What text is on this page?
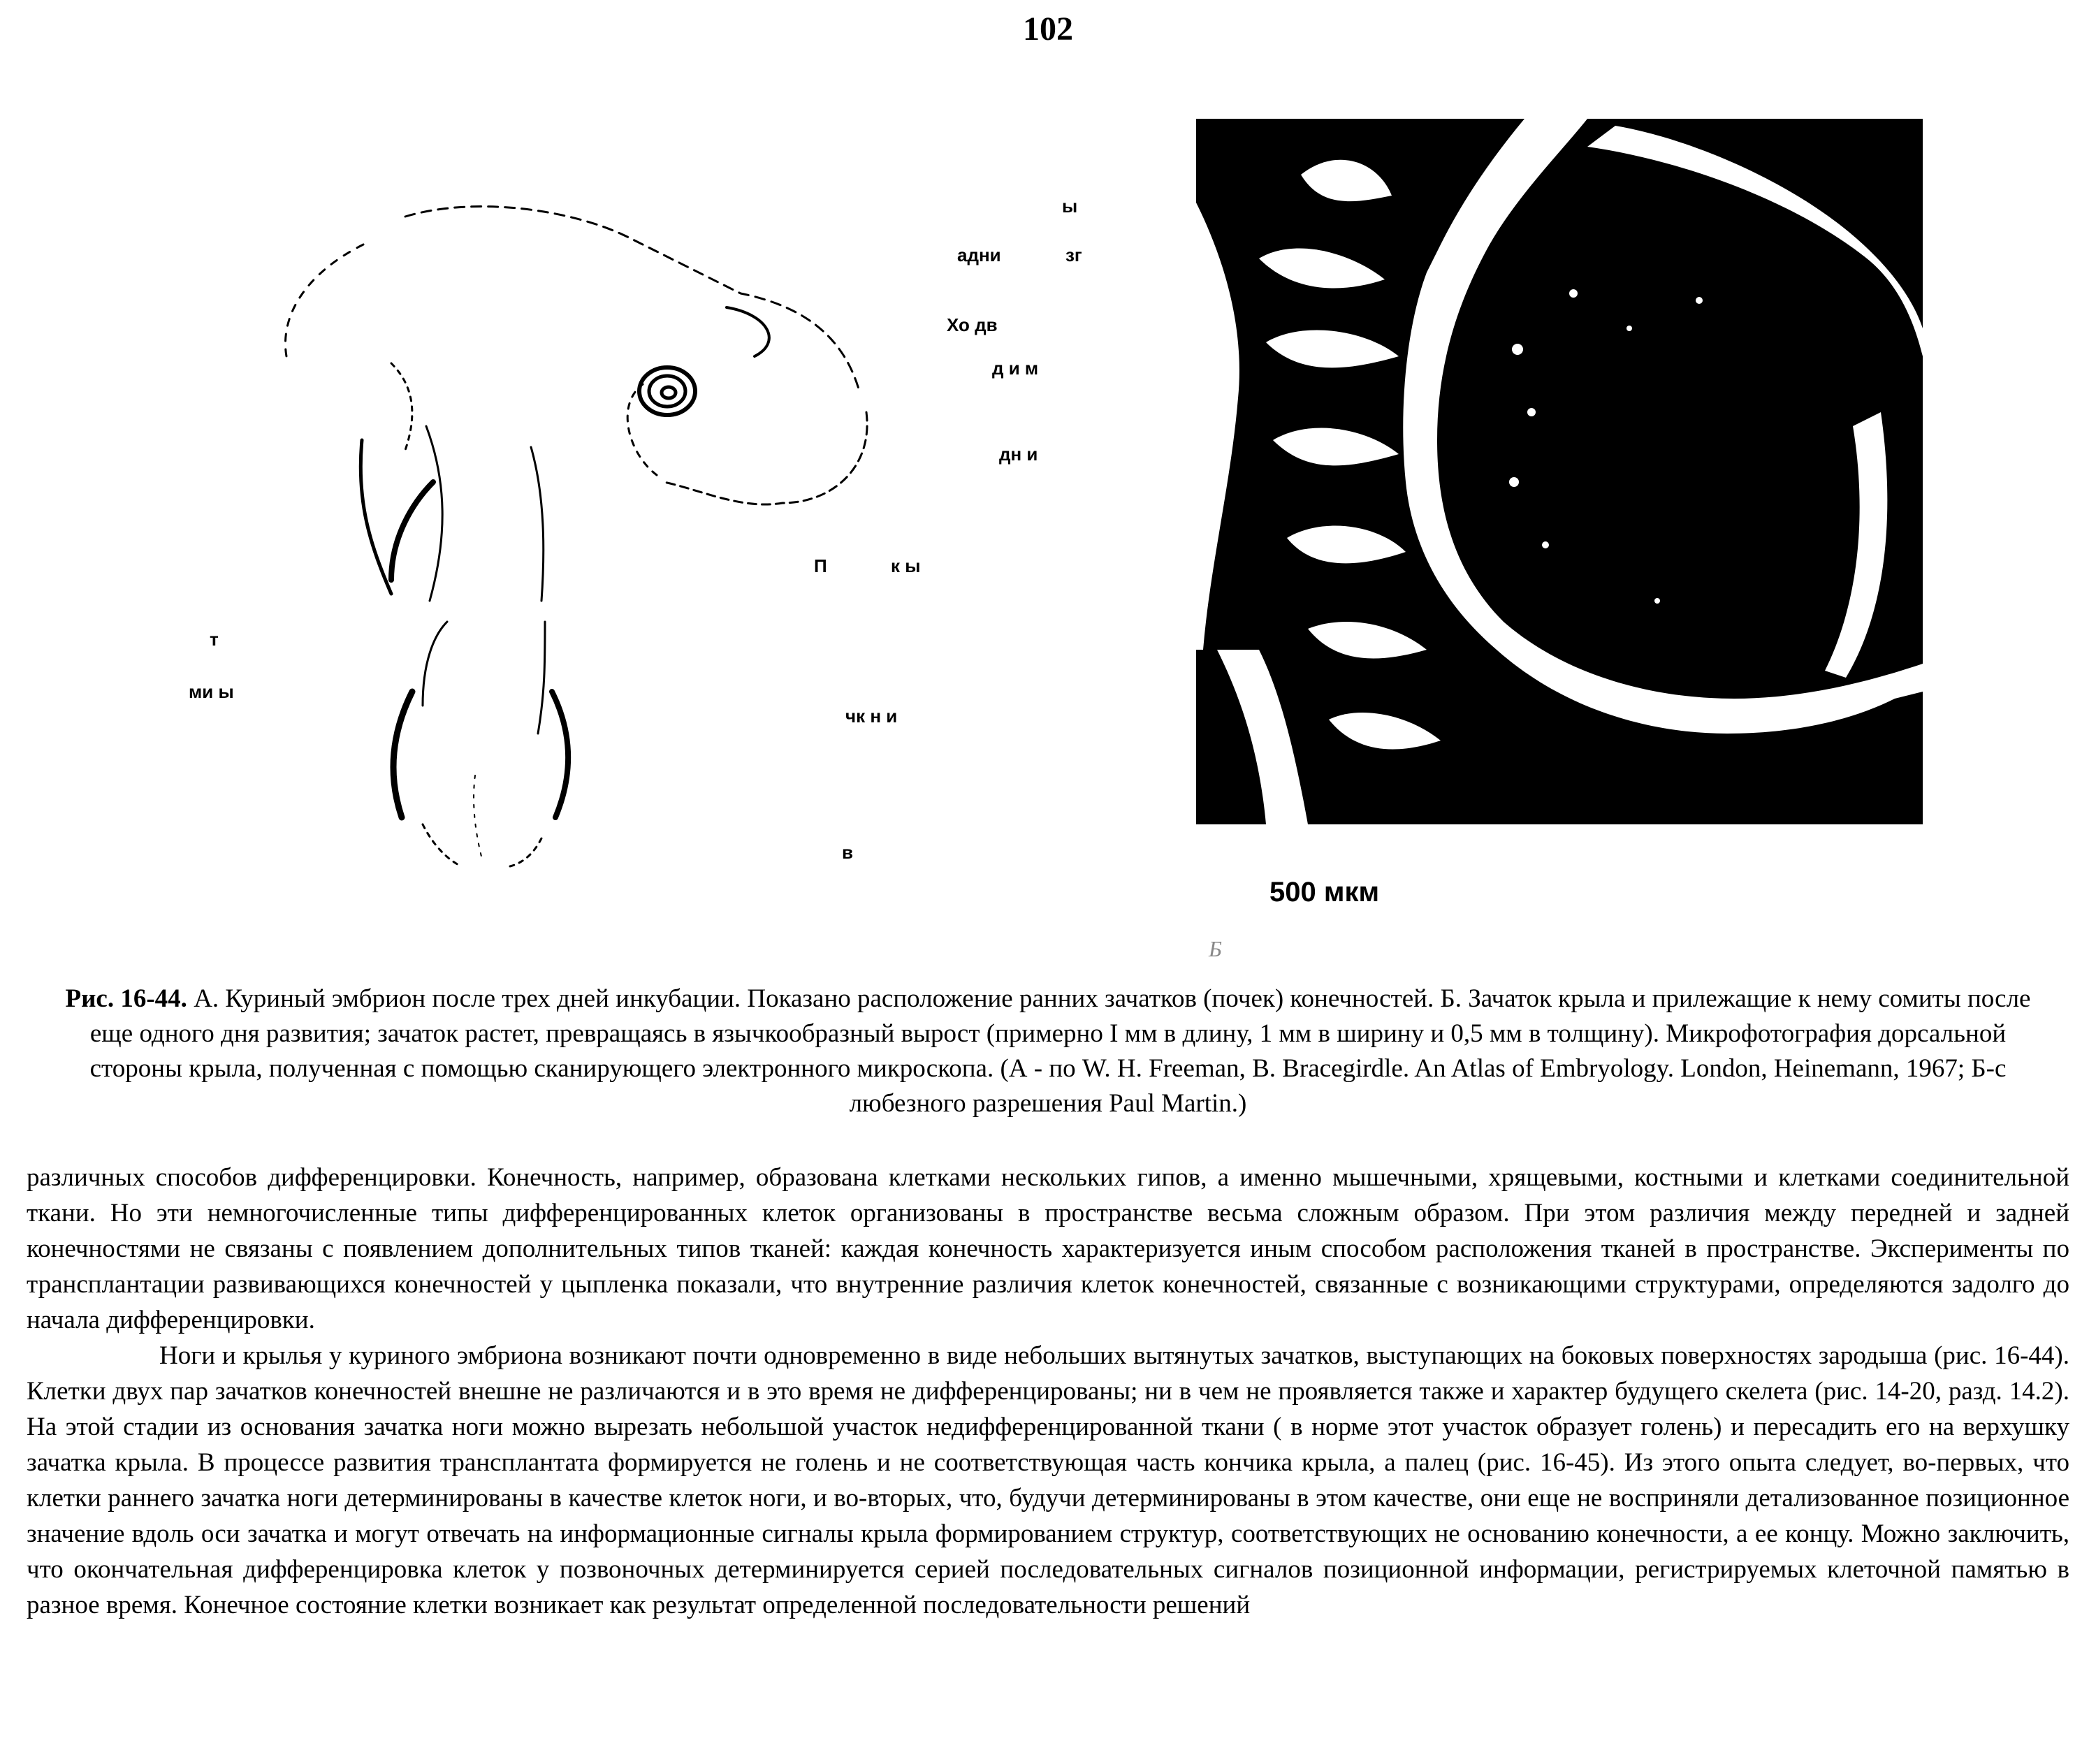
102
ы
адни	зг
Хо дв
д и м
дн и
П	к ы
т
ми ы
чк н и
в
500 мкм
Б
Рис. 16-44. А. Куриный эмбрион после трех дней инкубации. Показано расположение ранних зачатков (почек) конечностей. Б. Зачаток крыла и прилежащие к нему сомиты после еще одного дня развития; зачаток растет, превращаясь в язычкообразный вырост (примерно I мм в длину, 1 мм в ширину и 0,5 мм в толщину). Микрофотография дорсальной стороны крыла, полученная с помощью сканирующего электронного микроскопа. (А - по W. H. Freeman, B. Bracegirdle. An Atlas of Embryology. London, Heinemann, 1967; Б-с любезного разрешения Paul Martin.)

различных способов дифференцировки. Конечность, например, образована клетками нескольких гипов, а именно мышечными, хрящевыми, костными и клетками соединительной ткани. Но эти немногочисленные типы дифференцированных клеток организованы в пространстве весьма сложным образом. При этом различия между передней и задней конечностями не связаны с появлением дополнительных типов тканей: каждая конечность характеризуется иным способом расположения тканей в пространстве. Эксперименты по трансплантации развивающихся конечностей у цыпленка показали, что внутренние различия клеток конечностей, связанные с возникающими структурами, определяются задолго до начала дифференцировки.

Ноги и крылья у куриного эмбриона возникают почти одновременно в виде небольших вытянутых зачатков, выступающих на боковых поверхностях зародыша (рис. 16-44). Клетки двух пар зачатков конечностей внешне не различаются и в это время не дифференцированы; ни в чем не проявляется также и характер будущего скелета (рис. 14-20, разд. 14.2). На этой стадии из основания зачатка ноги можно вырезать небольшой участок недифференцированной ткани ( в норме этот участок образует голень) и пересадить его на верхушку зачатка крыла. В процессе развития трансплантата формируется не голень и не соответствующая часть кончика крыла, а палец (рис. 16-45). Из этого опыта следует, во-первых, что клетки раннего зачатка ноги детерминированы в качестве клеток ноги, и во-вторых, что, будучи детерминированы в этом качестве, они еще не восприняли детализованное позиционное значение вдоль оси зачатка и могут отвечать на информационные сигналы крыла формированием структур, соответствующих не основанию конечности, а ее концу. Можно заключить, что окончательная дифференцировка клеток у позвоночных детерминируется серией последовательных сигналов позиционной информации, регистрируемых клеточной памятью в разное время. Конечное состояние клетки возникает как результат определенной последовательности решений
